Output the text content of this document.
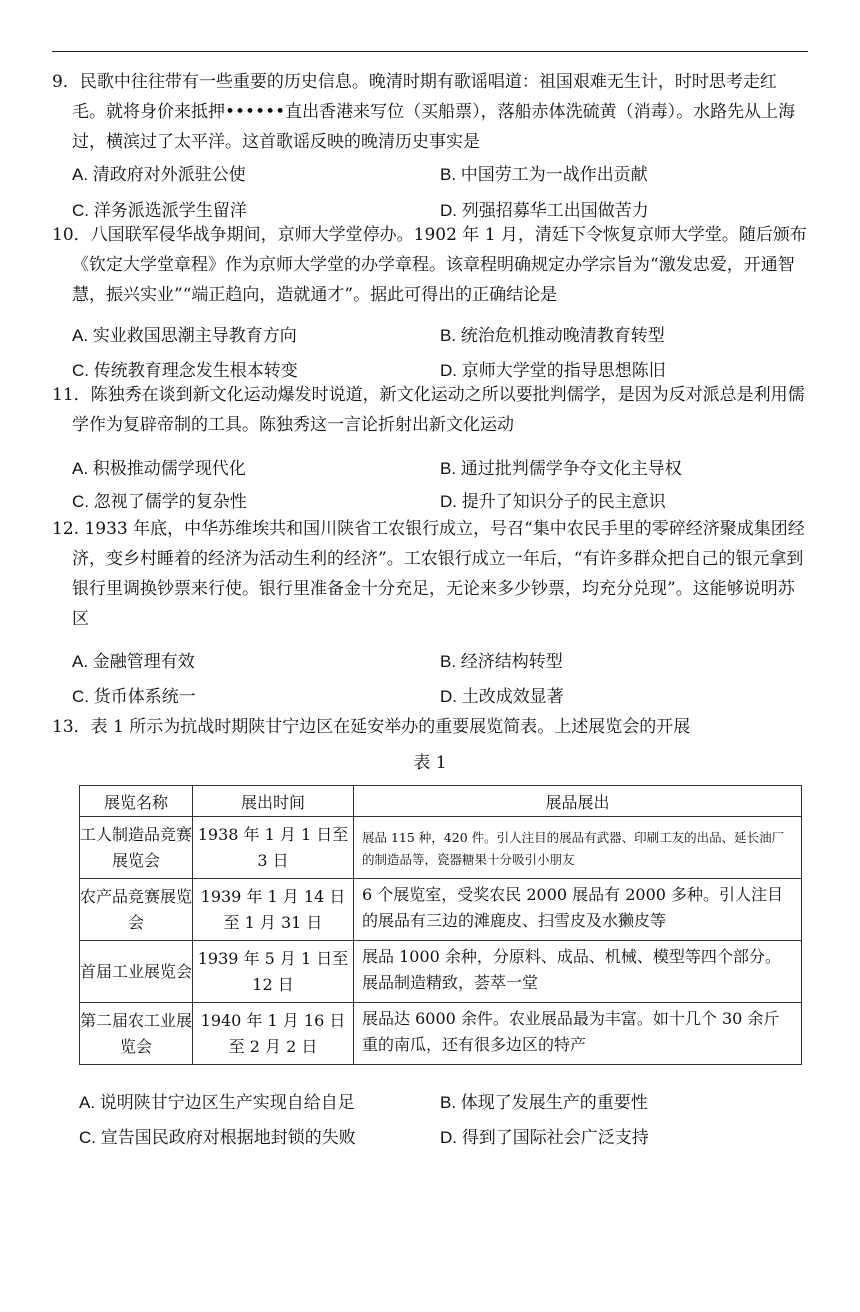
9．民歌中往往带有一些重要的历史信息。晚清时期有歌谣唱道：祖国艰难无生计，时时思考走红毛。就将身价来抵押••••••直出香港来写位（买船票），落船赤体洗硫黄（消毒）。水路先从上海过，横滨过了太平洋。这首歌谣反映的晚清历史事实是

A. 清政府对外派驻公使	B. 中国劳工为一战作出贡献
C. 洋务派选派学生留洋	D. 列强招募华工出国做苦力

10．八国联军侵华战争期间，京师大学堂停办。1902 年 1 月，清廷下令恢复京师大学堂。随后颁布《钦定大学堂章程》作为京师大学堂的办学章程。该章程明确规定办学宗旨为“激发忠爱，开通智慧，振兴实业”“端正趋向，造就通才”。据此可得出的正确结论是

A. 实业救国思潮主导教育方向	B. 统治危机推动晚清教育转型
C. 传统教育理念发生根本转变	D. 京师大学堂的指导思想陈旧

11．陈独秀在谈到新文化运动爆发时说道，新文化运动之所以要批判儒学，是因为反对派总是利用儒学作为复辟帝制的工具。陈独秀这一言论折射出新文化运动

A. 积极推动儒学现代化	B. 通过批判儒学争夺文化主导权
C. 忽视了儒学的复杂性	D. 提升了知识分子的民主意识

12. 1933 年底，中华苏维埃共和国川陕省工农银行成立，号召“集中农民手里的零碎经济聚成集团经济，变乡村睡着的经济为活动生利的经济”。工农银行成立一年后，“有许多群众把自己的银元拿到银行里调换钞票来行使。银行里准备金十分充足，无论来多少钞票，均充分兑现”。这能够说明苏区

A. 金融管理有效	B. 经济结构转型
C. 货币体系统一	D. 土改成效显著

13．表 1 所示为抗战时期陕甘宁边区在延安举办的重要展览简表。上述展览会的开展

表 1
展览名称	展出时间	展品展出
工人制造品竞赛展览会	1938 年 1 月 1 日至 3 日	展品 115 种，420 件。引人注目的展品有武器、印刷工友的出品、延长油厂的制造品等，瓷器糖果十分吸引小朋友
农产品竞赛展览会	1939 年 1 月 14 日至 1 月 31 日	6 个展览室，受奖农民 2000 展品有 2000 多种。引人注目的展品有三边的滩鹿皮、扫雪皮及水獭皮等
首届工业展览会	1939 年 5 月 1 日至 12 日	展品 1000 余种，分原料、成品、机械、模型等四个部分。展品制造精致，荟萃一堂
第二届农工业展览会	1940 年 1 月 16 日至 2 月 2 日	展品达 6000 余件。农业展品最为丰富。如十几个 30 余斤重的南瓜，还有很多边区的特产
A. 说明陕甘宁边区生产实现自给自足	B. 体现了发展生产的重要性
C. 宣告国民政府对根据地封锁的失败	D. 得到了国际社会广泛支持
